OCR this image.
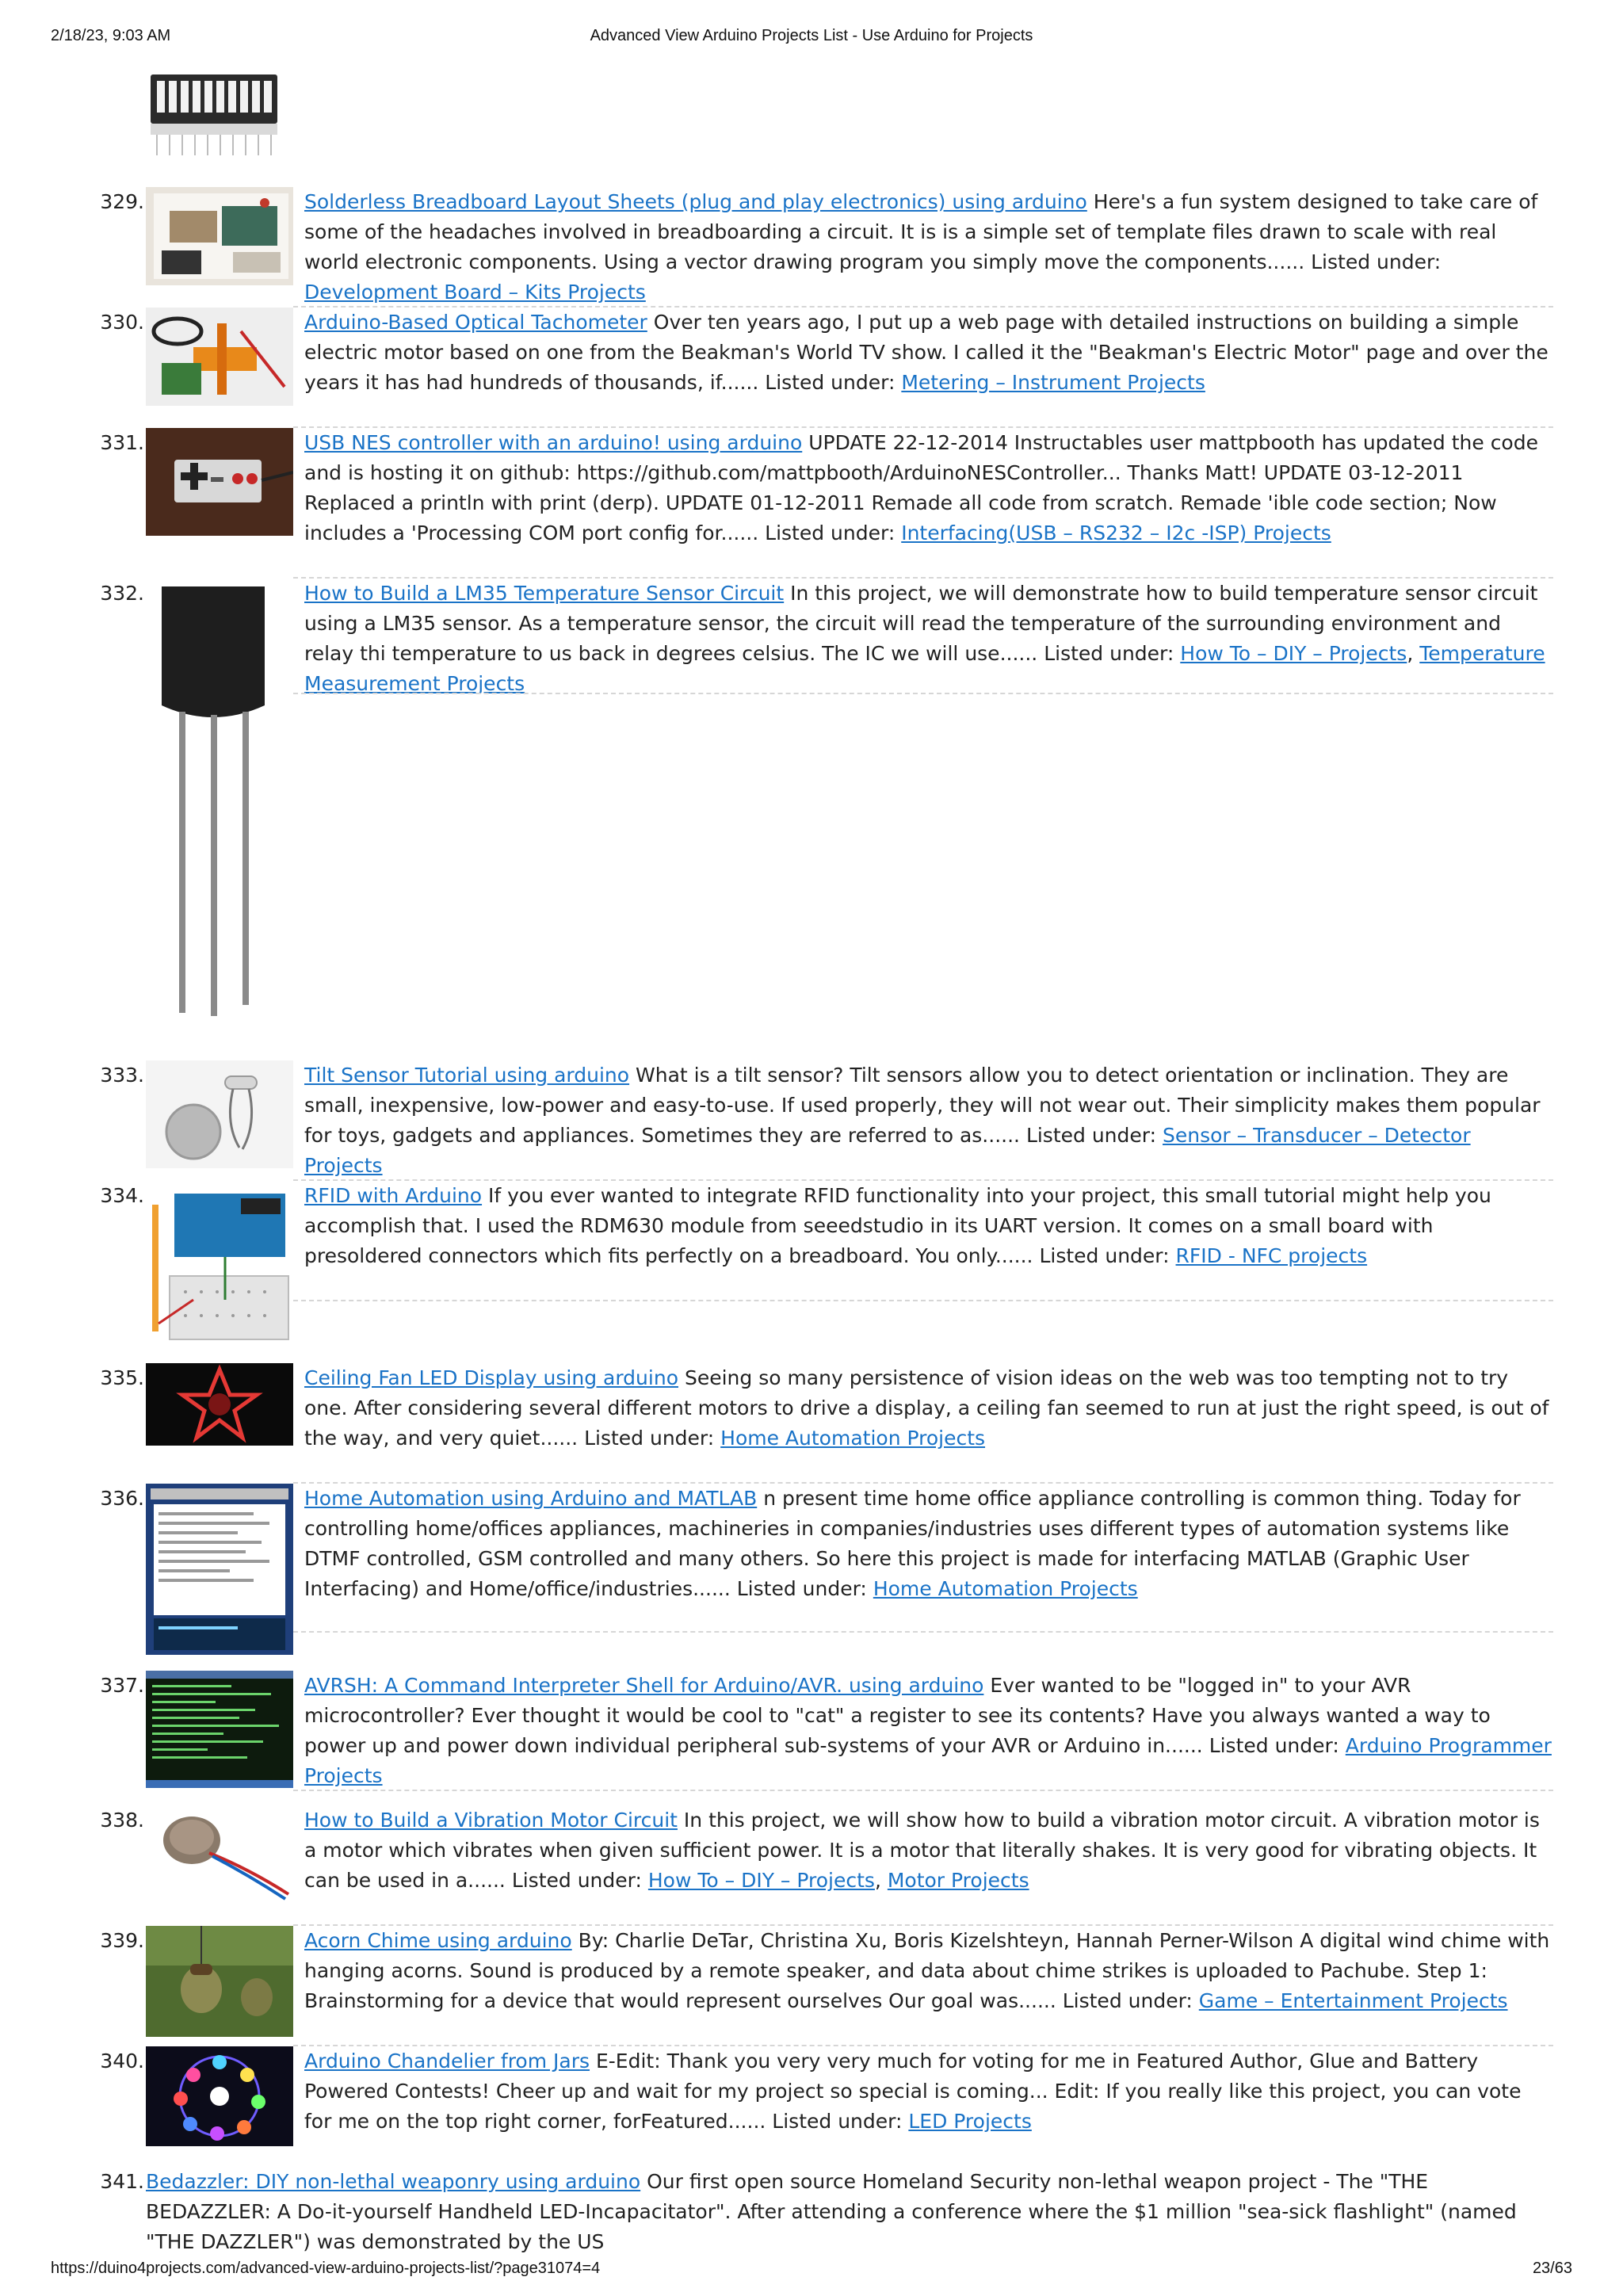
2/18/23, 9:03 AM	Advanced View Arduino Projects List - Use Arduino for Projects
329.	Solderless Breadboard Layout Sheets (plug and play electronics) using arduino Here's a fun system designed to take care of some of the headaches involved in breadboarding a circuit. It is is a simple set of template files drawn to scale with real world electronic components. Using a vector drawing program you simply move the components...... Listed under: Development Board – Kits Projects
330.	Arduino-Based Optical Tachometer Over ten years ago, I put up a web page with detailed instructions on building a simple electric motor based on one from the Beakman's World TV show. I called it the "Beakman's Electric Motor" page and over the years it has had hundreds of thousands, if...... Listed under: Metering – Instrument Projects
331.	USB NES controller with an arduino! using arduino UPDATE 22-12-2014 Instructables user mattpbooth has updated the code and is hosting it on github: https://github.com/mattpbooth/ArduinoNESController... Thanks Matt! UPDATE 03-12-2011 Replaced a println with print (derp). UPDATE 01-12-2011 Remade all code from scratch. Remade 'ible code section; Now includes a 'Processing COM port config for...... Listed under: Interfacing(USB – RS232 – I2c -ISP) Projects
332.	How to Build a LM35 Temperature Sensor Circuit In this project, we will demonstrate how to build temperature sensor circuit using a LM35 sensor. As a temperature sensor, the circuit will read the temperature of the surrounding environment and relay thi temperature to us back in degrees celsius. The IC we will use...... Listed under: How To – DIY – Projects, Temperature Measurement Projects
333.	Tilt Sensor Tutorial using arduino What is a tilt sensor? Tilt sensors allow you to detect orientation or inclination. They are small, inexpensive, low-power and easy-to-use. If used properly, they will not wear out. Their simplicity makes them popular for toys, gadgets and appliances. Sometimes they are referred to as...... Listed under: Sensor – Transducer – Detector Projects
334.	RFID with Arduino If you ever wanted to integrate RFID functionality into your project, this small tutorial might help you accomplish that. I used the RDM630 module from seeedstudio in its UART version. It comes on a small board with presoldered connectors which fits perfectly on a breadboard. You only...... Listed under: RFID - NFC projects
335.	Ceiling Fan LED Display using arduino Seeing so many persistence of vision ideas on the web was too tempting not to try one. After considering several different motors to drive a display, a ceiling fan seemed to run at just the right speed, is out of the way, and very quiet...... Listed under: Home Automation Projects
336.	Home Automation using Arduino and MATLAB n present time home office appliance controlling is common thing. Today for controlling home/offices appliances, machineries in companies/industries uses different types of automation systems like DTMF controlled, GSM controlled and many others. So here this project is made for interfacing MATLAB (Graphic User Interfacing) and Home/office/industries...... Listed under: Home Automation Projects
337.	AVRSH: A Command Interpreter Shell for Arduino/AVR. using arduino Ever wanted to be "logged in" to your AVR microcontroller? Ever thought it would be cool to "cat" a register to see its contents? Have you always wanted a way to power up and power down individual peripheral sub-systems of your AVR or Arduino in...... Listed under: Arduino Programmer Projects
338.	How to Build a Vibration Motor Circuit In this project, we will show how to build a vibration motor circuit. A vibration motor is a motor which vibrates when given sufficient power. It is a motor that literally shakes. It is very good for vibrating objects. It can be used in a...... Listed under: How To – DIY – Projects, Motor Projects
339.	Acorn Chime using arduino By: Charlie DeTar, Christina Xu, Boris Kizelshteyn, Hannah Perner-Wilson A digital wind chime with hanging acorns. Sound is produced by a remote speaker, and data about chime strikes is uploaded to Pachube. Step 1: Brainstorming for a device that would represent ourselves Our goal was...... Listed under: Game – Entertainment Projects
340.	Arduino Chandelier from Jars E-Edit: Thank you very very much for voting for me in Featured Author, Glue and Battery Powered Contests! Cheer up and wait for my project so special is coming... Edit: If you really like this project, you can vote for me on the top right corner, forFeatured...... Listed under: LED Projects
341. Bedazzler: DIY non-lethal weaponry using arduino Our first open source Homeland Security non-lethal weapon project - The "THE BEDAZZLER: A Do-it-yourself Handheld LED-Incapacitator". After attending a conference where the $1 million "sea-sick flashlight" (named "THE DAZZLER") was demonstrated by the US
https://duino4projects.com/advanced-view-arduino-projects-list/?page31074=4	23/63
